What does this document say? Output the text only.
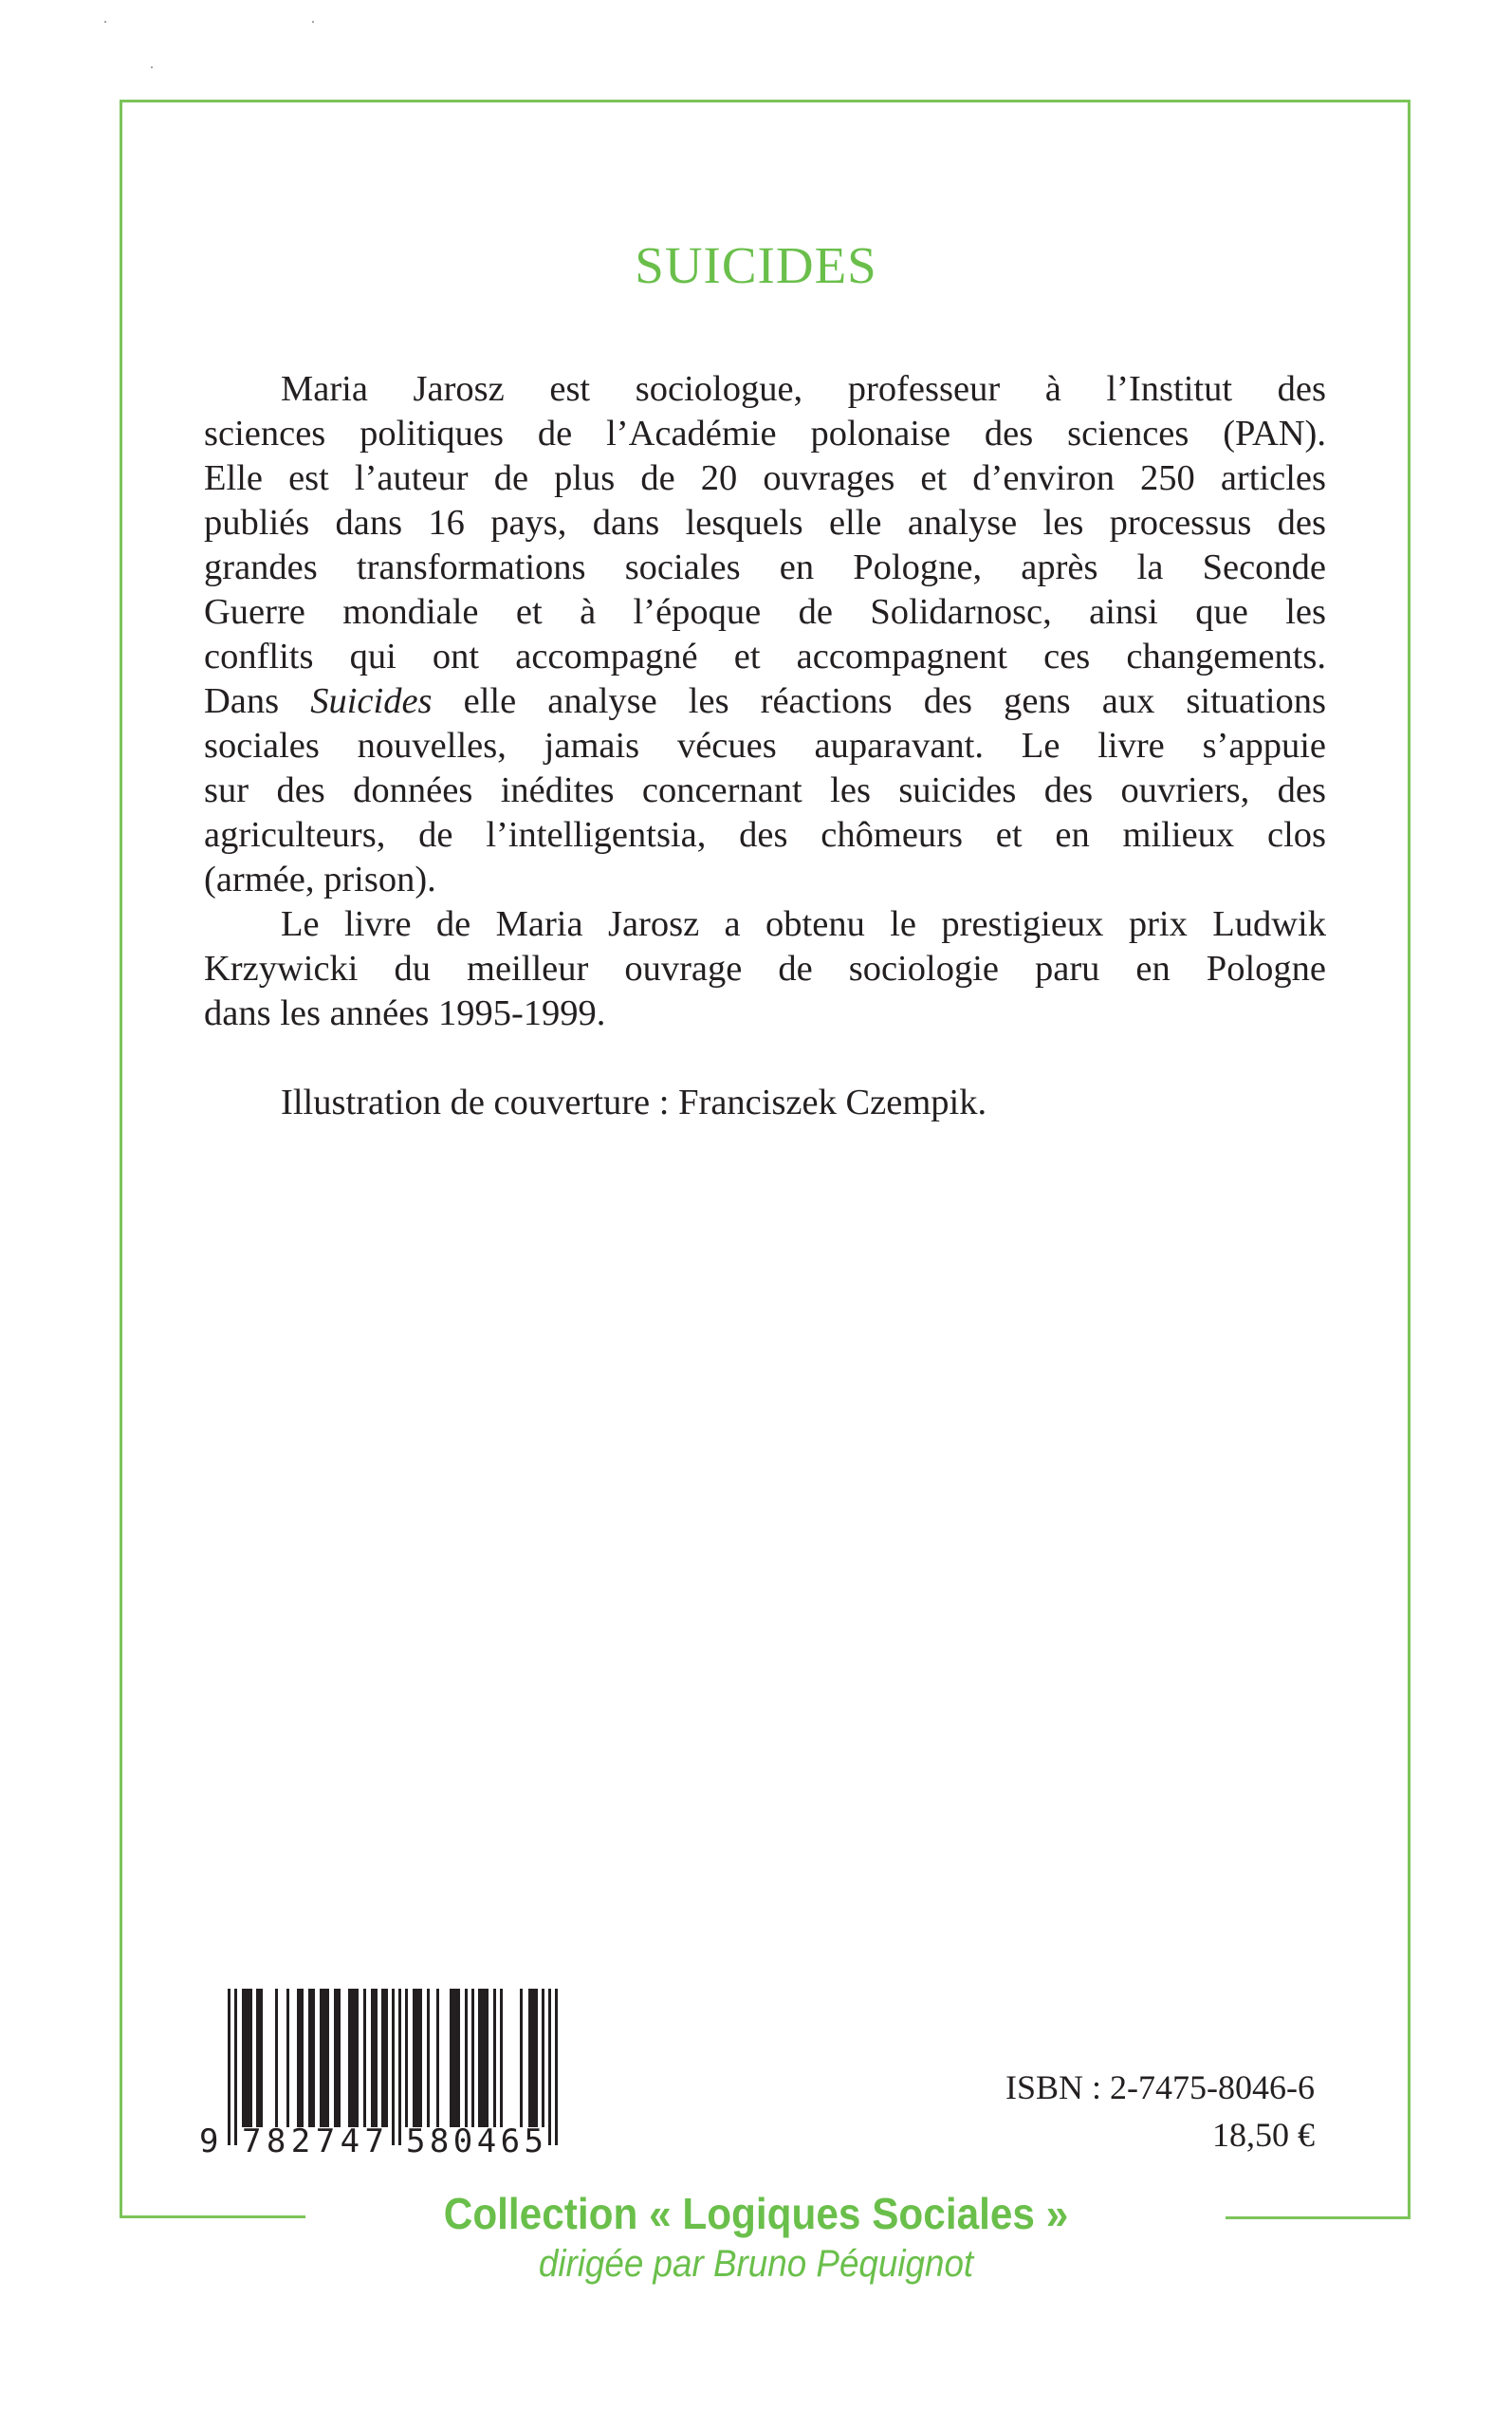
SUICIDES
Maria Jarosz est sociologue, professeur à l’Institut des
sciences politiques de l’Académie polonaise des sciences (PAN).
Elle est l’auteur de plus de 20 ouvrages et d’environ 250 articles
publiés dans 16 pays, dans lesquels elle analyse les processus des
grandes transformations sociales en Pologne, après la Seconde
Guerre mondiale et à l’époque de Solidarnosc, ainsi que les
conflits qui ont accompagné et accompagnent ces changements.
Dans Suicides elle analyse les réactions des gens aux situations
sociales nouvelles, jamais vécues auparavant. Le livre s’appuie
sur des données inédites concernant les suicides des ouvriers, des
agriculteurs, de l’intelligentsia, des chômeurs et en milieux clos
(armée, prison).
Le livre de Maria Jarosz a obtenu le prestigieux prix Ludwik
Krzywicki du meilleur ouvrage de sociologie paru en Pologne
dans les années 1995-1999.
Illustration de couverture : Franciszek Czempik.
9 782747 580465
ISBN : 2-7475-8046-6
18,50 €
Collection « Logiques Sociales »
dirigée par Bruno Péquignot
